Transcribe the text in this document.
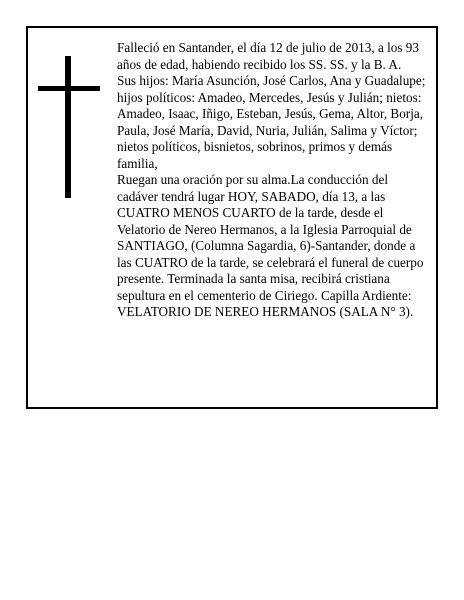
Falleció en Santander, el día 12 de julio de 2013, a los 93 años de edad, habiendo recibido los SS. SS. y la B. A.

Sus hijos: María Asunción, José Carlos, Ana y Guadalupe; hijos políticos: Amadeo, Mercedes, Jesús y Julián; nietos: Amadeo, Isaac, Iñigo, Esteban, Jesús, Gema, Altor, Borja, Paula, José María, David, Nuria, Julián, Salima y Víctor; nietos políticos, bisnietos, sobrinos, primos y demás familia,

Ruegan una oración por su alma.La conducción del cadáver tendrá lugar HOY, SABADO, día 13, a las CUATRO MENOS CUARTO de la tarde, desde el Velatorio de Nereo Hermanos, a la Iglesia Parroquial de SANTIAGO, (Columna Sagardia, 6)-Santander, donde a las CUATRO de la tarde, se celebrará el funeral de cuerpo presente. Terminada la santa misa, recibirá cristiana sepultura en el cementerio de Ciriego. Capilla Ardiente: VELATORIO DE NEREO HERMANOS (SALA N° 3).
